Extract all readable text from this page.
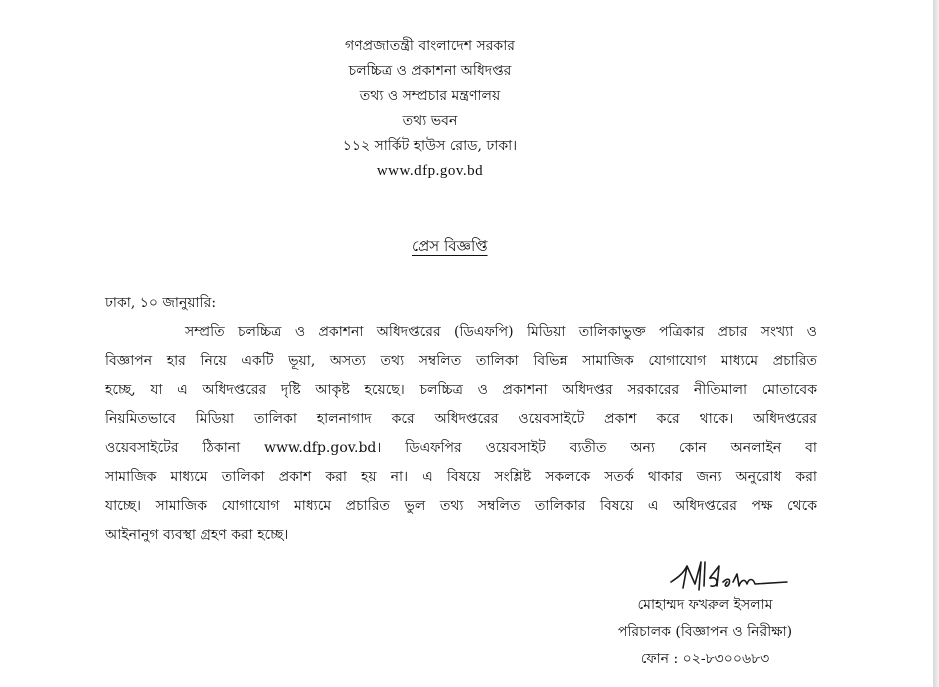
গণপ্রজাতন্ত্রী বাংলাদেশ সরকার
চলচ্চিত্র ও প্রকাশনা অধিদপ্তর
তথ্য ও সম্প্রচার মন্ত্রণালয়
তথ্য ভবন
১১২ সার্কিট হাউস রোড, ঢাকা।
www.dfp.gov.bd
প্রেস বিজ্ঞপ্তি
ঢাকা, ১০ জানুয়ারি:
সম্প্রতি চলচ্চিত্র ও প্রকাশনা অধিদপ্তরের (ডিএফপি) মিডিয়া তালিকাভুক্ত পত্রিকার প্রচার সংখ্যা ও
বিজ্ঞাপন হার নিয়ে একটি ভূয়া, অসত্য তথ্য সম্বলিত তালিকা বিভিন্ন সামাজিক যোগাযোগ মাধ্যমে প্রচারিত
হচ্ছে, যা এ অধিদপ্তরের দৃষ্টি আকৃষ্ট হয়েছে। চলচ্চিত্র ও প্রকাশনা অধিদপ্তর সরকারের নীতিমালা মোতাবেক
নিয়মিতভাবে মিডিয়া তালিকা হালনাগাদ করে অধিদপ্তরের ওয়েবসাইটে প্রকাশ করে থাকে। অধিদপ্তরের
ওয়েবসাইটের ঠিকানা www.dfp.gov.bd। ডিএফপির ওয়েবসাইট ব্যতীত অন্য কোন অনলাইন বা
সামাজিক মাধ্যমে তালিকা প্রকাশ করা হয় না। এ বিষয়ে সংশ্লিষ্ট সকলকে সতর্ক থাকার জন্য অনুরোধ করা
যাচ্ছে। সামাজিক যোগাযোগ মাধ্যমে প্রচারিত ভুল তথ্য সম্বলিত তালিকার বিষয়ে এ অধিদপ্তরের পক্ষ থেকে
আইনানুগ ব্যবস্থা গ্রহণ করা হচ্ছে।
মোহাম্মদ ফখরুল ইসলাম
পরিচালক (বিজ্ঞাপন ও নিরীক্ষা)
ফোন : ০২-৮৩০০৬৮৩
